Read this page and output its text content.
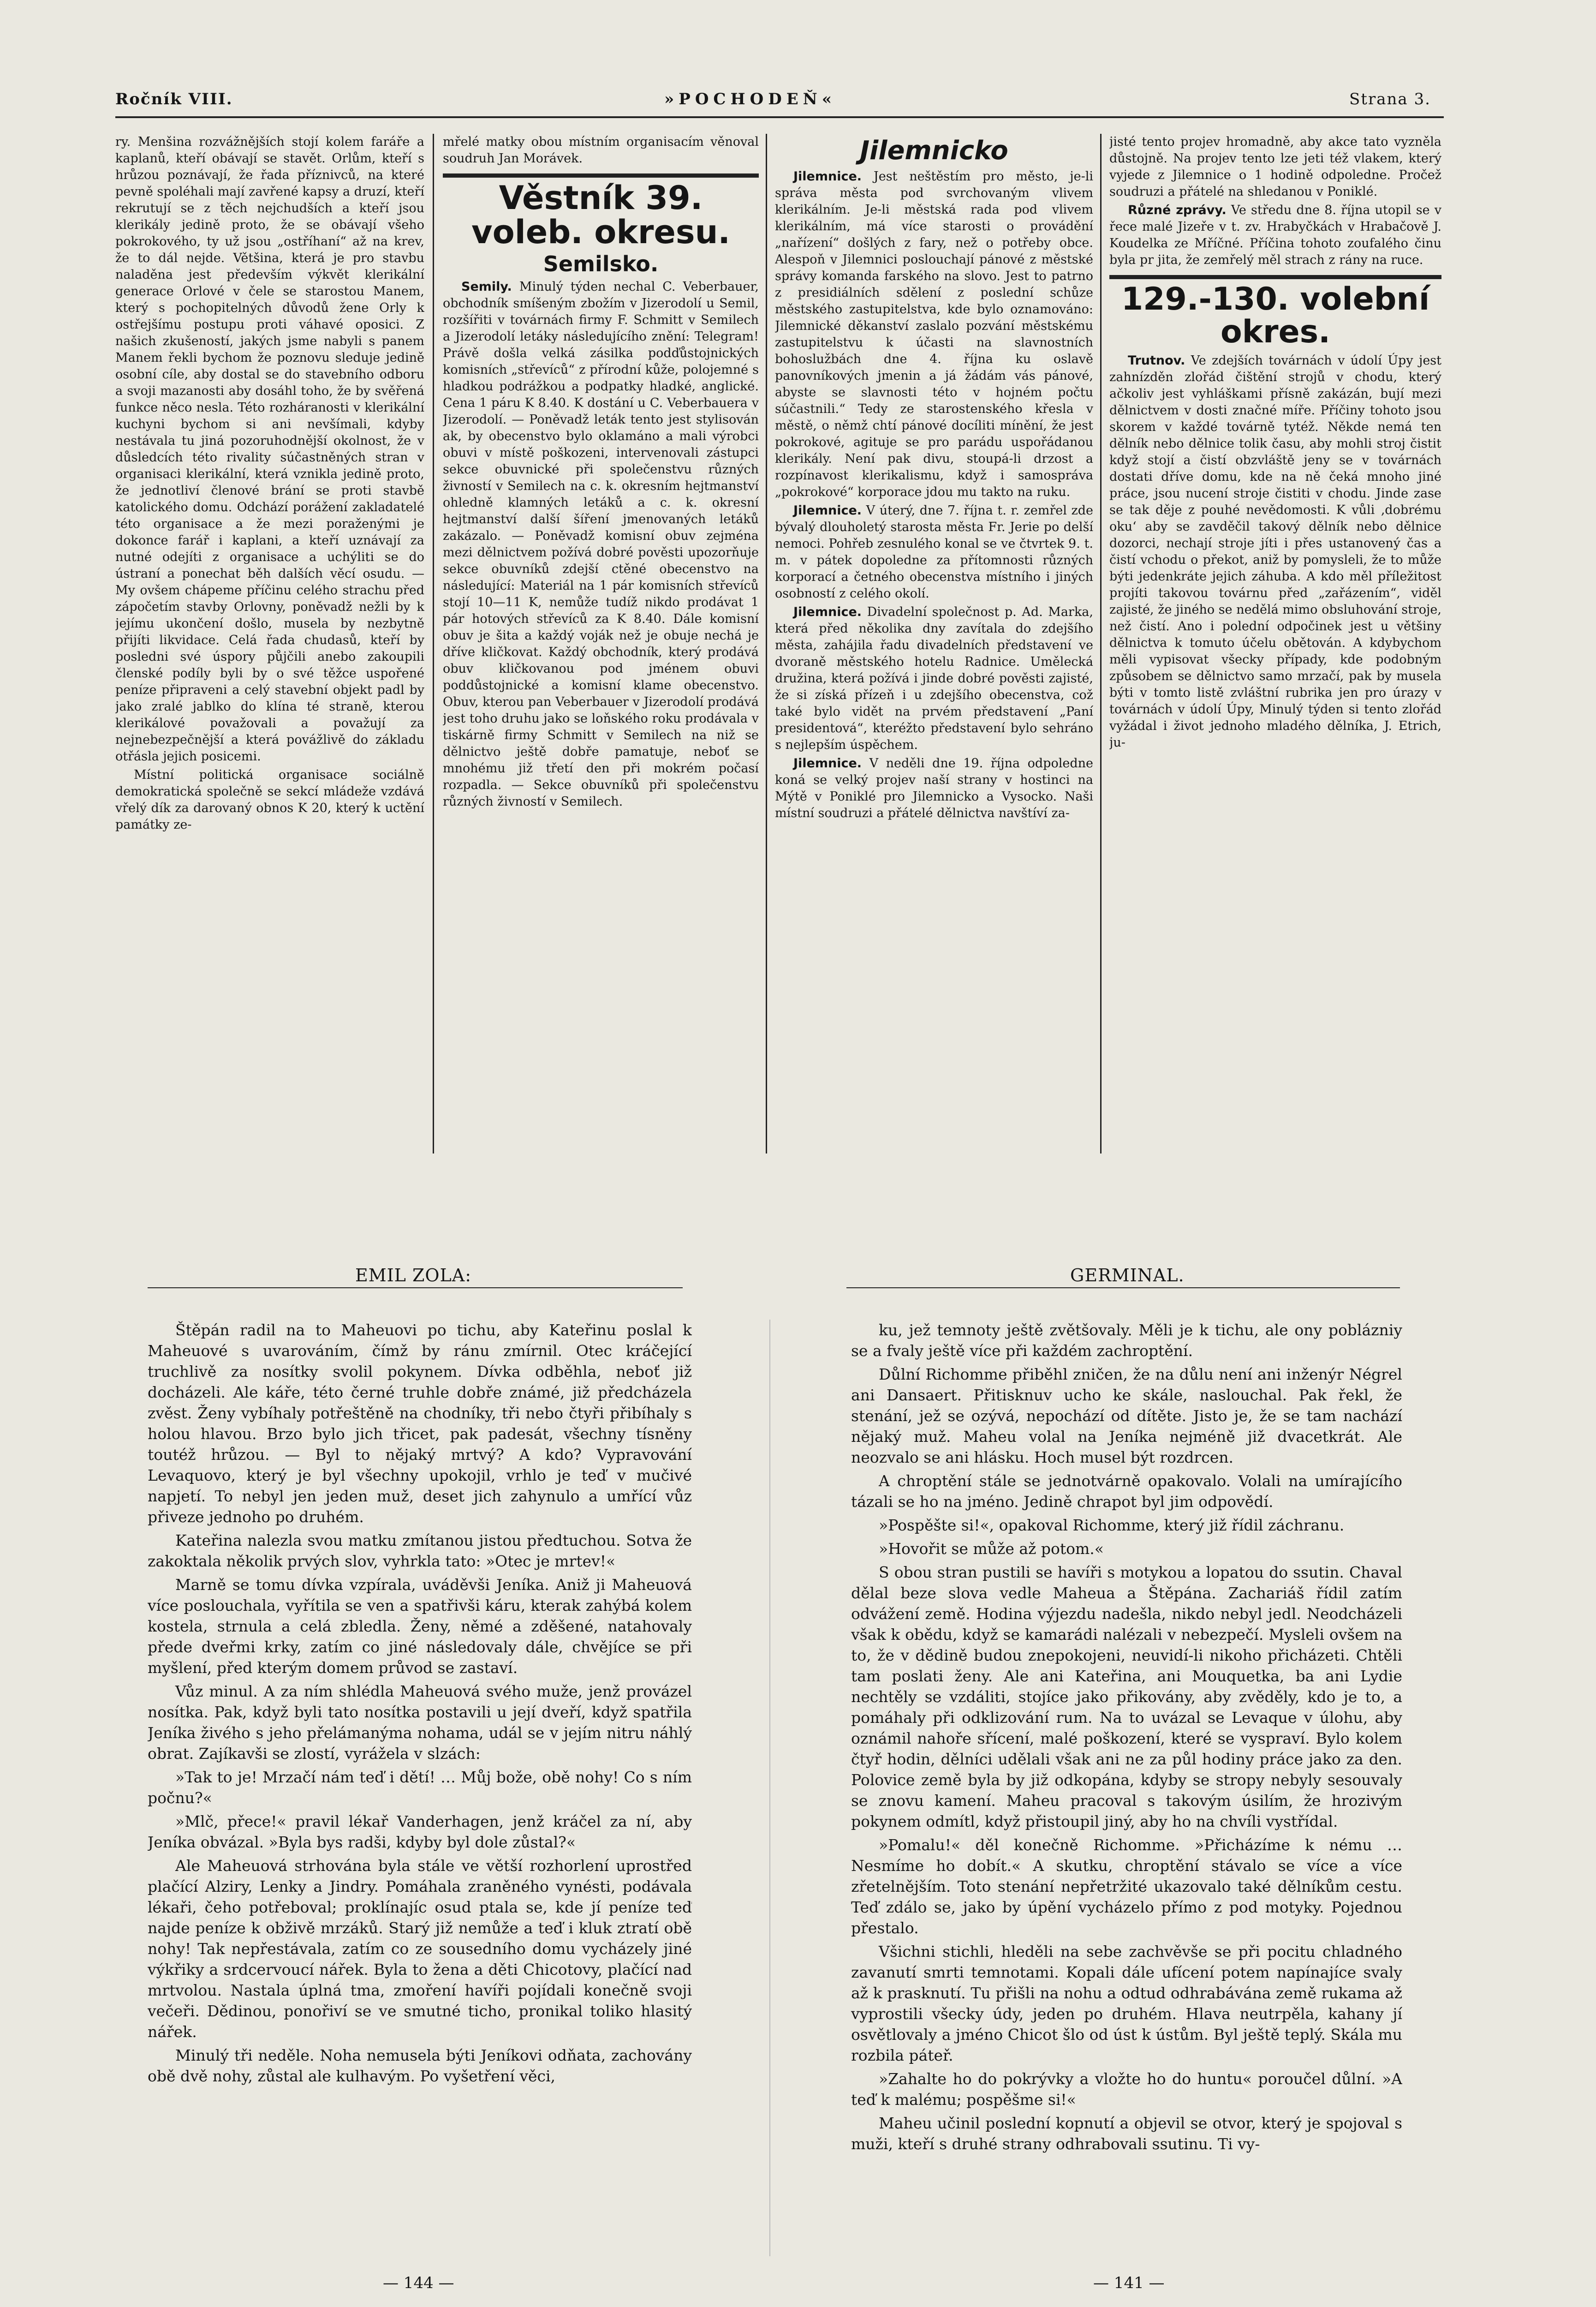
Ročník VIII.	»POCHODEŇ«	Strana 3.

ry. Menšina rozvážnějších stojí kolem faráře a kaplanů, kteří obávají se stavět. Orlům, kteří s hrůzou poznávají, že řada příznivců, na které pevně spoléhali mají zavřené kapsy a druzí, kteří rekrutují se z těch nejchudších a kteří jsou klerikály jedině proto, že se obávají všeho pokrokového, ty už jsou „ostříhaní“ až na krev, že to dál nejde. Většina, která je pro stavbu naladěna jest především výkvět klerikální generace Orlové v čele se starostou Manem, který s pochopitelných důvodů žene Orly k ostřejšímu postupu proti váhavé oposici. Z našich zkušeností, jakých jsme nabyli s panem Manem řekli bychom že poznovu sleduje jedině osobní cíle, aby dostal se do stavebního odboru a svoji mazanosti aby dosáhl toho, že by svěřená funkce něco nesla. Této rozháranosti v klerikální kuchyni bychom si ani nevšímali, kdyby nestávala tu jiná pozoruhodnější okolnost, že v důsledcích této rivality súčastněných stran v organisaci klerikální, která vznikla jedině proto, že jednotliví členové brání se proti stavbě katolického domu. Odchází porážení zakladatelé této organisace a že mezi poraženými je dokonce farář i kaplani, a kteří uznávají za nutné odejíti z organisace a uchýliti se do ústraní a ponechat běh dalších věcí osudu. — My ovšem chápeme příčinu celého strachu před zápočetím stavby Orlovny, poněvadž nežli by k jejímu ukončení došlo, musela by nezbytně přijíti likvidace. Celá řada chudasů, kteří by posledni své úspory půjčili anebo zakoupili členské podíly byli by o své těžce uspořené peníze připraveni a celý stavební objekt padl by jako zralé jablko do klína té straně, kterou klerikálové považovali a považují za nejnebezpečnější a která povážlivě do základu otřásla jejich posicemi.

Místní politická organisace sociálně demokratická společně se sekcí mládeže vzdává vřelý dík za darovaný obnos K 20, který k uctění památky ze-

mřelé matky obou místním organisacím věnoval soudruh Jan Morávek.

Věstník 39. voleb. okresu.
Semilsko.

Semily. Minulý týden nechal C. Veberbauer, obchodník smíšeným zbožím v Jizerodolí u Semil, rozšířiti v továrnách firmy F. Schmitt v Semilech a Jizerodolí letáky následujícího znění: Telegram! Právě došla velká zásilka podďůstojnických komisních „střevíců“ z přírodní kůže, polojemné s hladkou podrážkou a podpatky hladké, anglické. Cena 1 páru K 8.40. K dostání u C. Veberbauera v Jizerodolí. — Poněvadž leták tento jest stylisován ak, by obecenstvo bylo oklamáno a mali výrobci obuvi v místě poškozeni, intervenovali zástupci sekce obuvnické při společenstvu různých živností v Semilech na c. k. okresním hejtmanství ohledně klamných letáků a c. k. okresní hejtmanství další šíření jmenovaných letáků zakázalo. — Poněvadž komisní obuv zejména mezi dělnictvem požívá dobré pověsti upozorňuje sekce obuvníků zdejší ctěné obecenstvo na následující: Materiál na 1 pár komisních střevíců stojí 10—11 K, nemůže tudíž nikdo prodávat 1 pár hotových střevíců za K 8.40. Dále komisní obuv je šita a každý voják než je obuje nechá je dříve kličkovat. Každý obchodník, který prodává obuv kličkovanou pod jménem obuvi poddůstojnické a komisní klame obecenstvo. Obuv, kterou pan Veberbauer v Jizerodolí prodává jest toho druhu jako se loňského roku prodávala v tiskárně firmy Schmitt v Semilech na niž se dělnictvo ještě dobře pamatuje, neboť se mnohému již třetí den při mokrém počasí rozpadla. — Sekce obuvníků při společenstvu různých živností v Semilech.

Jilemnicko

Jilemnice. Jest neštěstím pro město, je-li správa města pod svrchovaným vlivem klerikálním. Je-li městská rada pod vlivem klerikálním, má více starosti o provádění „nařízení“ došlých z fary, než o potřeby obce. Alespoň v Jilemnici poslouchají pánové z městské správy komanda farského na slovo. Jest to patrno z presidiálních sdělení z poslední schůze městského zastupitelstva, kde bylo oznamováno: Jilemnické děkanství zaslalo pozvání městskému zastupitelstvu k účasti na slavnostních bohoslužbách dne 4. října ku oslavě panovníkových jmenin a já žádám vás pánové, abyste se slavnosti této v hojném počtu súčastnili.“ Tedy ze starostenského křesla v městě, o němž chtí pánové docíliti mínění, že jest pokrokové, agituje se pro parádu uspořádanou klerikály. Není pak divu, stoupá-li drzost a rozpínavost klerikalismu, když i samospráva „pokrokové“ korporace jdou mu takto na ruku.

Jilemnice. V úterý, dne 7. října t. r. zemřel zde bývalý dlouholetý starosta města Fr. Jerie po delší nemoci. Pohřeb zesnulého konal se ve čtvrtek 9. t. m. v pátek dopoledne za přítomnosti různých korporací a četného obecenstva místního i jiných osobností z celého okolí.

Jilemnice. Divadelní společnost p. Ad. Marka, která před několika dny zavítala do zdejšího města, zahájila řadu divadelních představení ve dvoraně městského hotelu Radnice. Umělecká družina, která požívá i jinde dobré pověsti zajisté, že si získá přízeň i u zdejšího obecenstva, což také bylo vidět na prvém představení „Paní presidentová“, kteréžto představení bylo sehráno s nejlepším úspěchem.

Jilemnice. V neděli dne 19. října odpoledne koná se velký projev naší strany v hostinci na Mýtě v Poniklé pro Jilemnicko a Vysocko. Naši místní soudruzi a přátelé dělnictva navštíví za-

jisté tento projev hromadně, aby akce tato vyzněla důstojně. Na projev tento lze jeti též vlakem, který vyjede z Jilemnice o 1 hodině odpoledne. Pročež soudruzi a přátelé na shledanou v Poniklé.

Různé zprávy. Ve středu dne 8. října utopil se v řece malé Jizeře v t. zv. Hrabyčkách v Hrabačově J. Koudelka ze Mříčné. Příčina tohoto zoufalého činu byla pr jita, že zemřelý měl strach z rány na ruce.

129.-130. volební okres.

Trutnov. Ve zdejších továrnách v údolí Úpy jest zahnízděn zlořád čištění strojů v chodu, který ačkoliv jest vyhláškami přísně zakázán, bují mezi dělnictvem v dosti značné míře. Příčiny tohoto jsou skorem v každé továrně tytéž. Někde nemá ten dělník nebo dělnice tolik času, aby mohli stroj čistit když stojí a čistí obzvláště jeny se v továrnách dostati dříve domu, kde na ně čeká mnoho jiné práce, jsou nucení stroje čistiti v chodu. Jinde zase se tak děje z pouhé nevědomosti. K vůli ‚dobrému oku‘ aby se zavděčil takový dělník nebo dělnice dozorci, nechají stroje jíti i přes ustanovený čas a čistí vchodu o překot, aniž by pomysleli, že to může býti jedenkráte jejich záhuba. A kdo měl příležitost projíti takovou továrnu před „zařázením“, viděl zajisté, že jiného se nedělá mimo obsluhování stroje, než čistí. Ano i polední odpočinek jest u většiny dělnictva k tomuto účelu obětován. A kdybychom měli vypisovat všecky případy, kde podobným způsobem se dělnictvo samo mrzačí, pak by musela býti v tomto listě zvláštní rubrika jen pro úrazy v továrnách v údolí Úpy, Minulý týden si tento zlořád vyžádal i život jednoho mladého dělníka, J. Etrich, ju-

EMIL ZOLA:	GERMINAL.

Štěpán radil na to Maheuovi po tichu, aby Kateřinu poslal k Maheuové s uvarováním, čímž by ránu zmírnil. Otec kráčející truchlivě za nosítky svolil pokynem. Dívka odběhla, neboť již docházeli. Ale káře, této černé truhle dobře známé, již předcházela zvěst. Ženy vybíhaly potřeštěně na chodníky, tři nebo čtyři přibíhaly s holou hlavou. Brzo bylo jich třicet, pak padesát, všechny tísněny toutéž hrůzou. — Byl to nějaký mrtvý? A kdo? Vypravování Levaquovo, který je byl všechny upokojil, vrhlo je teď v mučivé napjetí. To nebyl jen jeden muž, deset jich zahynulo a umřící vůz přiveze jednoho po druhém.

Kateřina nalezla svou matku zmítanou jistou předtuchou. Sotva že zakoktala několik prvých slov, vyhrkla tato: »Otec je mrtev!«

Marně se tomu dívka vzpírala, uváděvši Jeníka. Aniž ji Maheuová více poslouchala, vyřítila se ven a spatřivši káru, kterak zahýbá kolem kostela, strnula a celá zbledla. Ženy, němé a zděšené, natahovaly přede dveřmi krky, zatím co jiné následovaly dále, chvějíce se při myšlení, před kterým domem průvod se zastaví.

Vůz minul. A za ním shlédla Maheuová svého muže, jenž provázel nosítka. Pak, když byli tato nosítka postavili u její dveří, když spatřila Jeníka živého s jeho přelámanýma nohama, udál se v jejím nitru náhlý obrat. Zajíkavši se zlostí, vyrážela v slzách:

»Tak to je! Mrzačí nám teď i dětí! … Můj bože, obě nohy! Co s ním počnu?«

»Mlč, přece!« pravil lékař Vanderhagen, jenž kráčel za ní, aby Jeníka obvázal. »Byla bys radši, kdyby byl dole zůstal?«

Ale Maheuová strhována byla stále ve větší rozhorlení uprostřed plačící Alziry, Lenky a Jindry. Pomáhala zraněného vynésti, podávala lékaři, čeho potřeboval; proklínajíc osud ptala se, kde jí peníze teď najde peníze k obživě mrzáků. Starý již nemůže a teď i kluk ztratí obě nohy! Tak nepřestávala, zatím co ze sousedního domu vycházely jiné výkřiky a srdcervoucí nářek. Byla to žena a děti Chicotovy, plačící nad mrtvolou. Nastala úplná tma, zmoření havíři pojídali konečně svoji večeři. Dědinou, ponořiví se ve smutné ticho, pronikal toliko hlasitý nářek.

Minulý tři neděle. Noha nemusela býti Jeníkovi odňata, zachovány obě dvě nohy, zůstal ale kulhavým. Po vyšetření věci,

ku, jež temnoty ještě zvětšovaly. Měli je k tichu, ale ony poblázniy se a fvaly ještě více při každém zachroptění.

Důlní Richomme přiběhl zničen, že na důlu není ani inženýr Négrel ani Dansaert. Přitisknuv ucho ke skále, naslouchal. Pak řekl, že stenání, jež se ozývá, nepochází od dítěte. Jisto je, že se tam nachází nějaký muž. Maheu volal na Jeníka nejméně již dvacetkrát. Ale neozvalo se ani hlásku. Hoch musel být rozdrcen.

A chroptění stále se jednotvárně opakovalo. Volali na umírajícího tázali se ho na jméno. Jedině chrapot byl jim odpovědí.

»Pospěšte si!«, opakoval Richomme, který již řídil záchranu.

»Hovořit se může až potom.«

S obou stran pustili se havíři s motykou a lopatou do ssutin. Chaval dělal beze slova vedle Maheua a Štěpána. Zachariáš řídil zatím odvážení země. Hodina výjezdu nadešla, nikdo nebyl jedl. Neodcházeli však k obědu, když se kamarádi nalézali v nebezpečí. Mysleli ovšem na to, že v dědině budou znepokojeni, neuvidí-li nikoho přicházeti. Chtěli tam poslati ženy. Ale ani Kateřina, ani Mouquetka, ba ani Lydie nechtěly se vzdáliti, stojíce jako přikovány, aby zvěděly, kdo je to, a pomáhaly při odklizování rum. Na to uvázal se Levaque v úlohu, aby oznámil nahoře sřícení, malé poškození, které se vyspraví. Bylo kolem čtyř hodin, dělníci udělali však ani ne za půl hodiny práce jako za den. Polovice země byla by již odkopána, kdyby se stropy nebyly sesouvaly se znovu kamení. Maheu pracoval s takovým úsilím, že hrozivým pokynem odmítl, když přistoupil jiný, aby ho na chvíli vystřídal.

»Pomalu!« děl konečně Richomme. »Přicházíme k nému … Nesmíme ho dobít.« A skutku, chroptění stávalo se více a více zřetelnějším. Toto stenání nepřetržité ukazovalo také dělníkům cestu. Teď zdálo se, jako by úpění vycházelo přímo z pod motyky. Pojednou přestalo.

Všichni stichli, hleděli na sebe zachvěvše se při pocitu chladného zavanutí smrti temnotami. Kopali dále ufícení potem napínajíce svaly až k prasknutí. Tu přišli na nohu a odtud odhrabávána země rukama až vyprostili všecky údy, jeden po druhém. Hlava neutrpěla, kahany jí osvětlovaly a jméno Chicot šlo od úst k ústům. Byl ještě teplý. Skála mu rozbila páteř.

»Zahalte ho do pokrývky a vložte ho do huntu« poroučel důlní. »A teď k malému; pospěšme si!«

Maheu učinil poslední kopnutí a objevil se otvor, který je spojoval s muži, kteří s druhé strany odhrabovali ssutinu. Ti vy-

— 144 —	— 141 —
